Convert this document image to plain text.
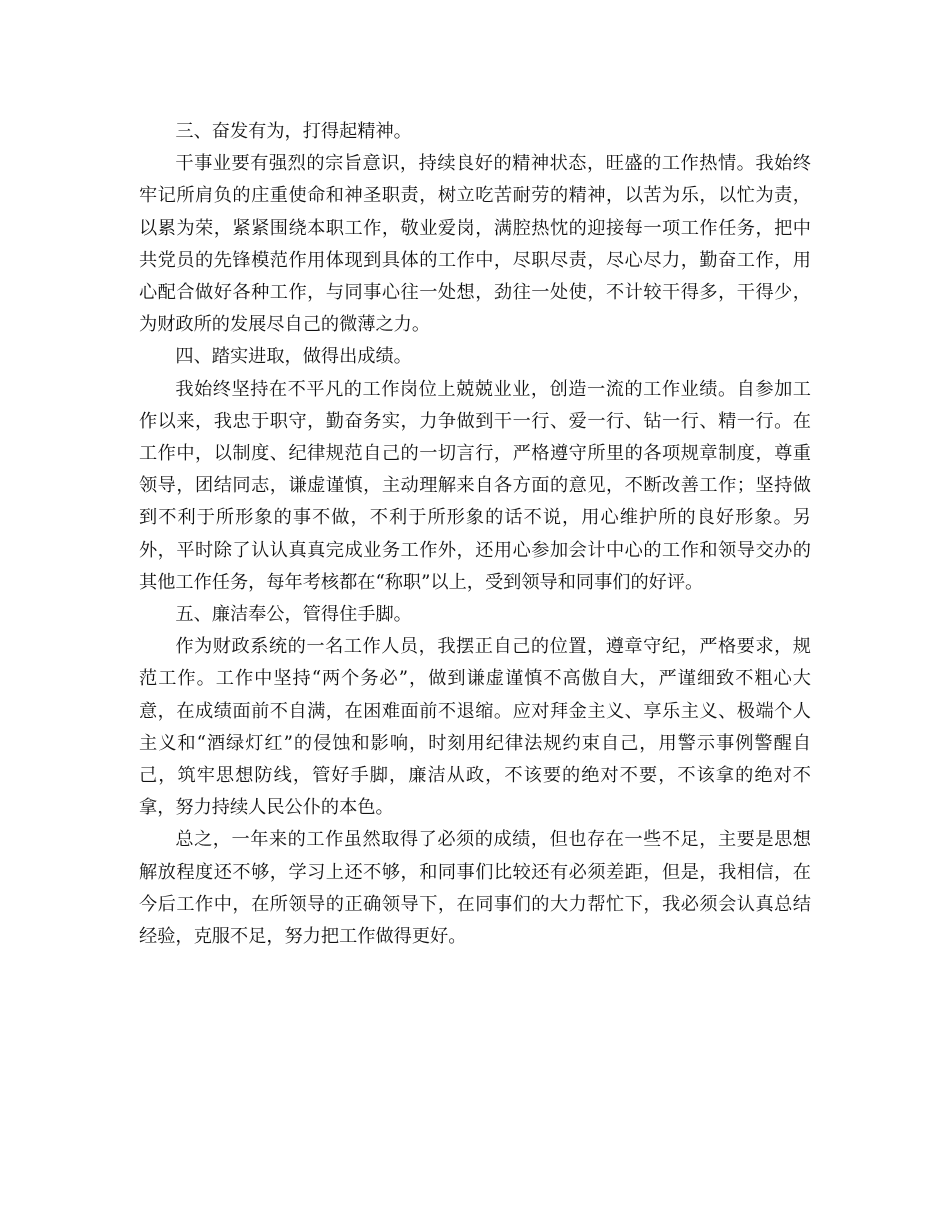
三、奋发有为，打得起精神。

干事业要有强烈的宗旨意识，持续良好的精神状态，旺盛的工作热情。我始终牢记所肩负的庄重使命和神圣职责，树立吃苦耐劳的精神，以苦为乐，以忙为责，以累为荣，紧紧围绕本职工作，敬业爱岗，满腔热忱的迎接每一项工作任务，把中共党员的先锋模范作用体现到具体的工作中，尽职尽责，尽心尽力，勤奋工作，用心配合做好各种工作，与同事心往一处想，劲往一处使，不计较干得多，干得少，为财政所的发展尽自己的微薄之力。

四、踏实进取，做得出成绩。

我始终坚持在不平凡的工作岗位上兢兢业业，创造一流的工作业绩。自参加工作以来，我忠于职守，勤奋务实，力争做到干一行、爱一行、钻一行、精一行。在工作中，以制度、纪律规范自己的一切言行，严格遵守所里的各项规章制度，尊重领导，团结同志，谦虚谨慎，主动理解来自各方面的意见，不断改善工作；坚持做到不利于所形象的事不做，不利于所形象的话不说，用心维护所的良好形象。另外，平时除了认认真真完成业务工作外，还用心参加会计中心的工作和领导交办的其他工作任务，每年考核都在“称职”以上，受到领导和同事们的好评。

五、廉洁奉公，管得住手脚。

作为财政系统的一名工作人员，我摆正自己的位置，遵章守纪，严格要求，规范工作。工作中坚持“两个务必”，做到谦虚谨慎不高傲自大，严谨细致不粗心大意，在成绩面前不自满，在困难面前不退缩。应对拜金主义、享乐主义、极端个人主义和“酒绿灯红”的侵蚀和影响，时刻用纪律法规约束自己，用警示事例警醒自己，筑牢思想防线，管好手脚，廉洁从政，不该要的绝对不要，不该拿的绝对不拿，努力持续人民公仆的本色。

总之，一年来的工作虽然取得了必须的成绩，但也存在一些不足，主要是思想解放程度还不够，学习上还不够，和同事们比较还有必须差距，但是，我相信，在今后工作中，在所领导的正确领导下，在同事们的大力帮忙下，我必须会认真总结经验，克服不足，努力把工作做得更好。
